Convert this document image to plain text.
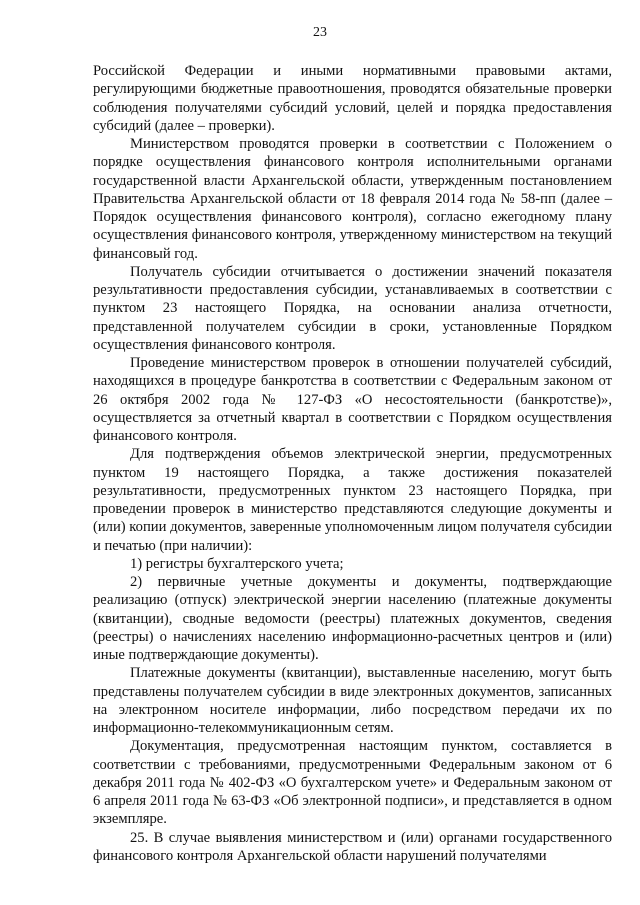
23

Российской Федерации и иными нормативными правовыми актами, регулирующими бюджетные правоотношения, проводятся обязательные проверки соблюдения получателями субсидий условий, целей и порядка предоставления субсидий (далее – проверки).

Министерством проводятся проверки в соответствии с Положением о порядке осуществления финансового контроля исполнительными органами государственной власти Архангельской области, утвержденным постановлением Правительства Архангельской области от 18 февраля 2014 года № 58-пп (далее – Порядок осуществления финансового контроля), согласно ежегодному плану осуществления финансового контроля, утвержденному министерством на текущий финансовый год.

Получатель субсидии отчитывается о достижении значений показателя результативности предоставления субсидии, устанавливаемых в соответствии с пунктом 23 настоящего Порядка, на основании анализа отчетности, представленной получателем субсидии в сроки, установленные Порядком осуществления финансового контроля.

Проведение министерством проверок в отношении получателей субсидий, находящихся в процедуре банкротства в соответствии с Федеральным законом от 26 октября 2002 года № 127-ФЗ «О несостоятельности (банкротстве)», осуществляется за отчетный квартал в соответствии с Порядком осуществления финансового контроля.

Для подтверждения объемов электрической энергии, предусмотренных пунктом 19 настоящего Порядка, а также достижения показателей результативности, предусмотренных пунктом 23 настоящего Порядка, при проведении проверок в министерство представляются следующие документы и (или) копии документов, заверенные уполномоченным лицом получателя субсидии и печатью (при наличии):

1) регистры бухгалтерского учета;

2) первичные учетные документы и документы, подтверждающие реализацию (отпуск) электрической энергии населению (платежные документы (квитанции), сводные ведомости (реестры) платежных документов, сведения (реестры) о начислениях населению информационно-расчетных центров и (или) иные подтверждающие документы).

Платежные документы (квитанции), выставленные населению, могут быть представлены получателем субсидии в виде электронных документов, записанных на электронном носителе информации, либо посредством передачи их по информационно-телекоммуникационным сетям.

Документация, предусмотренная настоящим пунктом, составляется в соответствии с требованиями, предусмотренными Федеральным законом от 6 декабря 2011 года № 402-ФЗ «О бухгалтерском учете» и Федеральным законом от 6 апреля 2011 года № 63-ФЗ «Об электронной подписи», и представляется в одном экземпляре.

25. В случае выявления министерством и (или) органами государственного финансового контроля Архангельской области нарушений получателями
